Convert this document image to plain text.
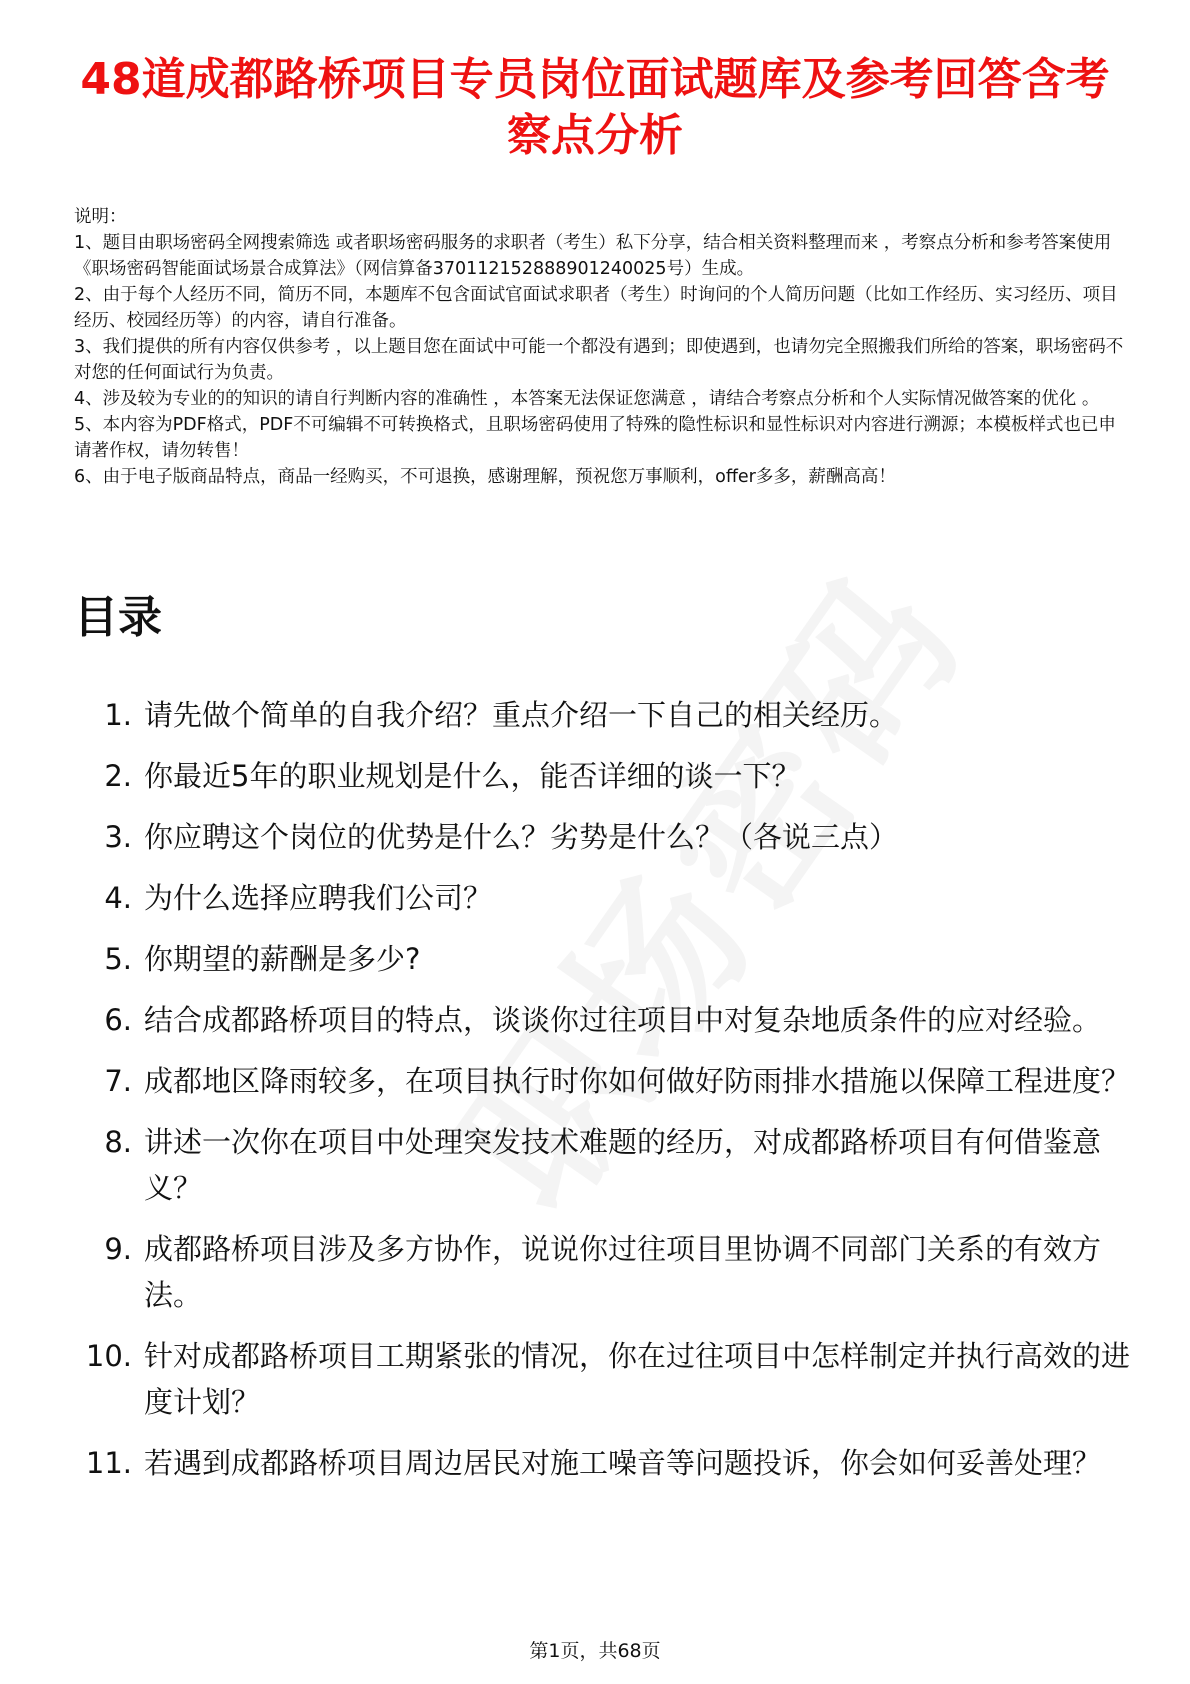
48道成都路桥项目专员岗位面试题库及参考回答含考察点分析

说明：

1、题目由职场密码全网搜索筛选 或者职场密码服务的求职者（考生）私下分享，结合相关资料整理而来 ，考察点分析和参考答案使用《职场密码智能面试场景合成算法》（网信算备370112152888901240025号）生成。

2、由于每个人经历不同，简历不同，本题库不包含面试官面试求职者（考生）时询问的个人简历问题（比如工作经历、实习经历、项目经历、校园经历等）的内容，请自行准备。

3、我们提供的所有内容仅供参考 ，以上题目您在面试中可能一个都没有遇到；即使遇到，也请勿完全照搬我们所给的答案，职场密码不对您的任何面试行为负责。

4、涉及较为专业的的知识的请自行判断内容的准确性 ，本答案无法保证您满意 ，请结合考察点分析和个人实际情况做答案的优化 。

5、本内容为PDF格式，PDF不可编辑不可转换格式，且职场密码使用了特殊的隐性标识和显性标识对内容进行溯源；本模板样式也已申请著作权，请勿转售！

6、由于电子版商品特点，商品一经购买，不可退换，感谢理解，预祝您万事顺利，offer多多，薪酬高高！

目录
1. 请先做个简单的自我介绍？重点介绍一下自己的相关经历。
2. 你最近5年的职业规划是什么，能否详细的谈一下？
3. 你应聘这个岗位的优势是什么？劣势是什么？（各说三点）
4. 为什么选择应聘我们公司？
5. 你期望的薪酬是多少?
6. 结合成都路桥项目的特点，谈谈你过往项目中对复杂地质条件的应对经验。
7. 成都地区降雨较多，在项目执行时你如何做好防雨排水措施以保障工程进度？
8. 讲述一次你在项目中处理突发技术难题的经历，对成都路桥项目有何借鉴意义？
9. 成都路桥项目涉及多方协作，说说你过往项目里协调不同部门关系的有效方法。
10. 针对成都路桥项目工期紧张的情况，你在过往项目中怎样制定并执行高效的进度计划？
11. 若遇到成都路桥项目周边居民对施工噪音等问题投诉，你会如何妥善处理？
第1页，共68页
